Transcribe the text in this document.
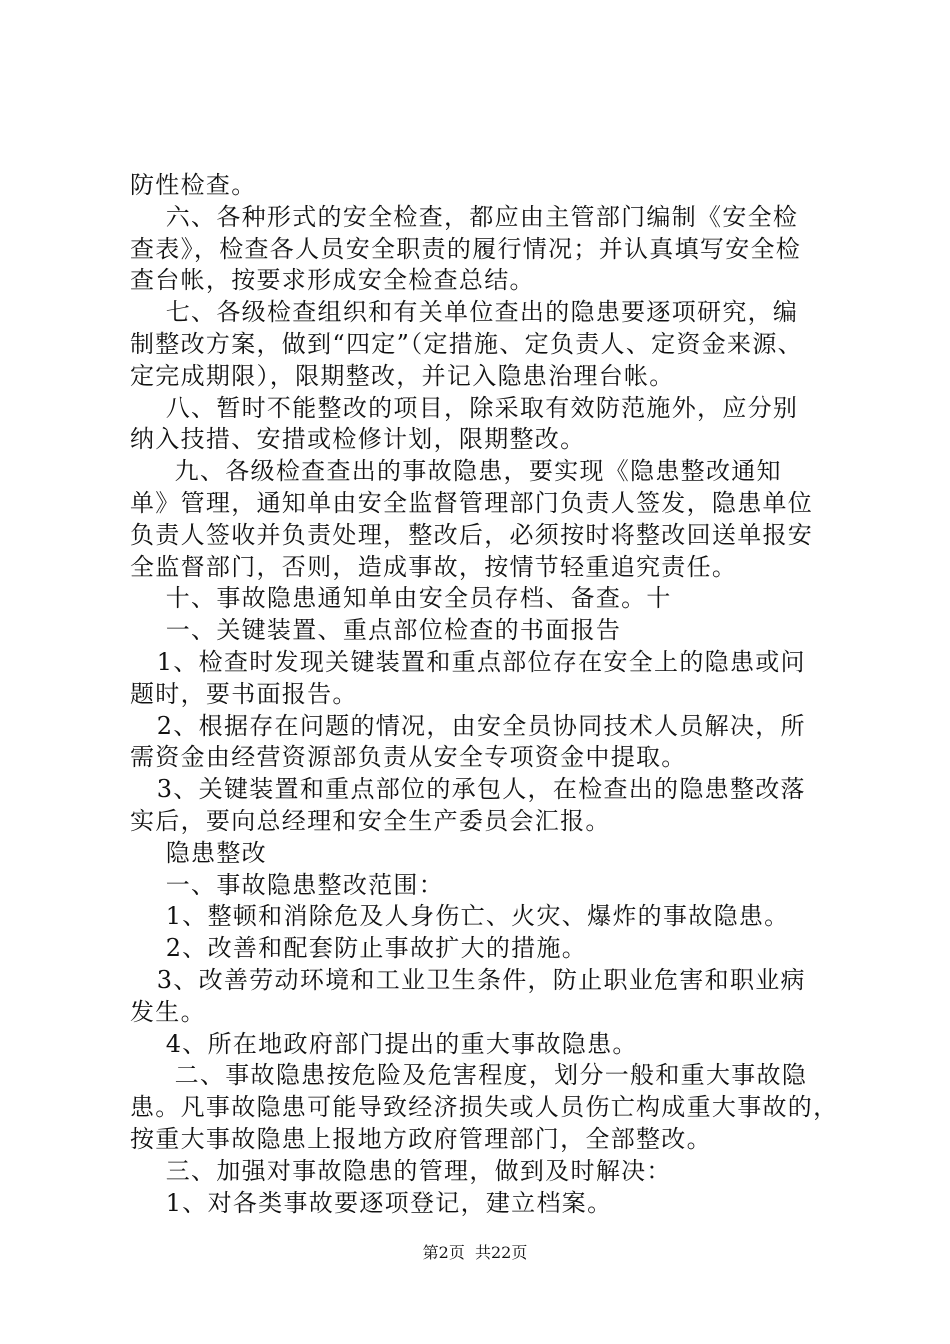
防性检查。
六、各种形式的安全检查，都应由主管部门编制《安全检
查表》，检查各人员安全职责的履行情况；并认真填写安全检
查台帐，按要求形成安全检查总结。
七、各级检查组织和有关单位查出的隐患要逐项研究，编
制整改方案，做到“四定”（定措施、定负责人、定资金来源、
定完成期限），限期整改，并记入隐患治理台帐。
八、暂时不能整改的项目，除采取有效防范施外，应分别
纳入技措、安措或检修计划，限期整改。
九、各级检查查出的事故隐患，要实现《隐患整改通知
单》管理，通知单由安全监督管理部门负责人签发，隐患单位
负责人签收并负责处理，整改后，必须按时将整改回送单报安
全监督部门，否则，造成事故，按情节轻重追究责任。
十、事故隐患通知单由安全员存档、备查。十
一、关键装置、重点部位检查的书面报告
1、检查时发现关键装置和重点部位存在安全上的隐患或问
题时，要书面报告。
2、根据存在问题的情况，由安全员协同技术人员解决，所
需资金由经营资源部负责从安全专项资金中提取。
3、关键装置和重点部位的承包人，在检查出的隐患整改落
实后，要向总经理和安全生产委员会汇报。
隐患整改
一、事故隐患整改范围：
1、整顿和消除危及人身伤亡、火灾、爆炸的事故隐患。
2、改善和配套防止事故扩大的措施。
3、改善劳动环境和工业卫生条件，防止职业危害和职业病
发生。
4、所在地政府部门提出的重大事故隐患。
二、事故隐患按危险及危害程度，划分一般和重大事故隐
患。凡事故隐患可能导致经济损失或人员伤亡构成重大事故的，
按重大事故隐患上报地方政府管理部门，全部整改。
三、加强对事故隐患的管理，做到及时解决：
1、对各类事故要逐项登记，建立档案。
第2页  共22页
